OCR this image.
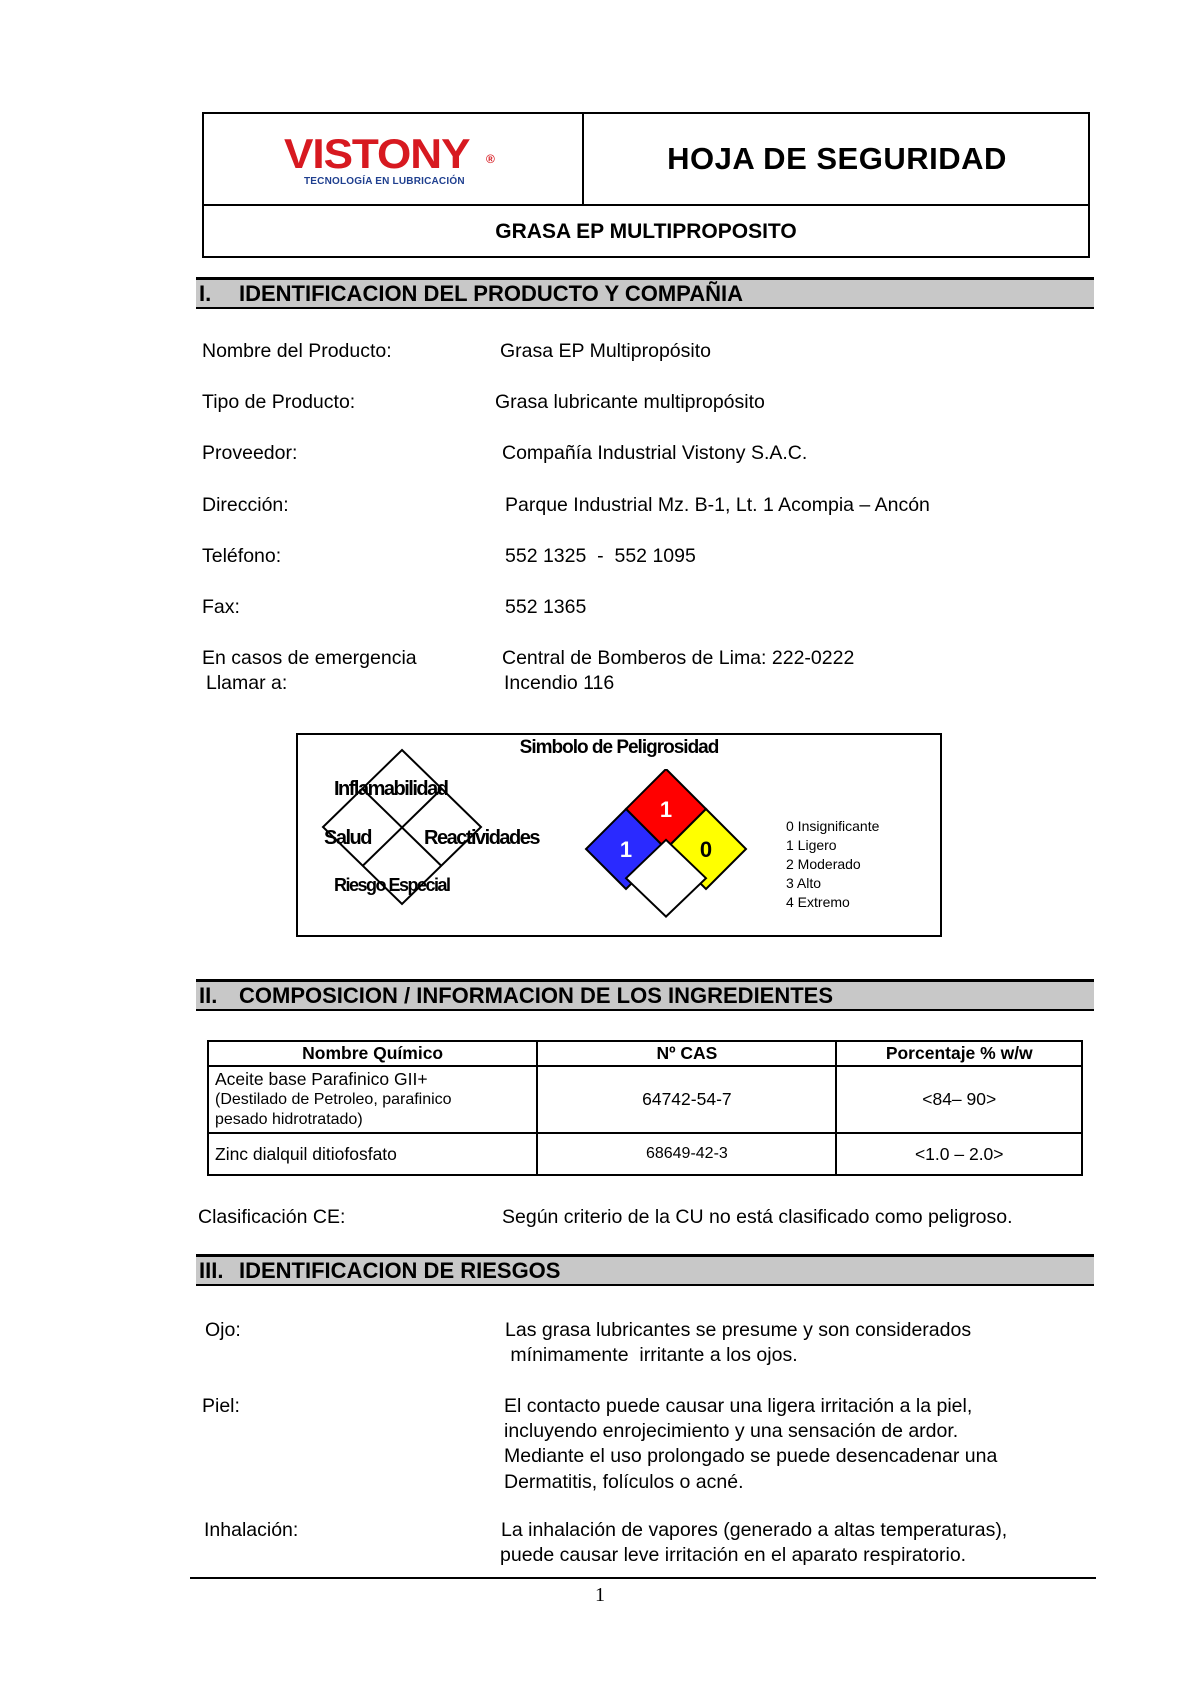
VISTONY ®
TECNOLOGÍA EN LUBRICACIÓN
HOJA DE SEGURIDAD
GRASA EP MULTIPROPOSITO
I. IDENTIFICACION DEL PRODUCTO Y COMPAÑIA
Nombre del Producto:	Grasa EP Multipropósito
Tipo de Producto:	Grasa lubricante multipropósito
Proveedor:	Compañía Industrial Vistony S.A.C.
Dirección:	Parque Industrial Mz. B-1, Lt. 1 Acompia – Ancón
Teléfono:	552 1325  -  552 1095
Fax:	552 1365
En casos de emergencia
Llamar a:
Central de Bomberos de Lima: 222-0222
Incendio 116
Simbolo de Peligrosidad
Inflamabilidad
Salud	Reactividades
Riesgo Especial
1
1	0
0 Insignificante
1 Ligero
2 Moderado
3 Alto
4 Extremo
II. COMPOSICION / INFORMACION DE LOS INGREDIENTES
Nombre Químico	Nº CAS	Porcentaje % w/w

Aceite base Parafinico GII+
(Destilado de Petroleo, parafinico
pesado hidrotratado)	64742-54-7	<84– 90>
Zinc dialquil ditiofosfato	68649-42-3	<1.0 – 2.0>
Clasificación CE:	Según criterio de la CU no está clasificado como peligroso.
III. IDENTIFICACION DE RIESGOS
Ojo:	Las grasa lubricantes se presume y son considerados
mínimamente  irritante a los ojos.
Piel:	El contacto puede causar una ligera irritación a la piel,
incluyendo enrojecimiento y una sensación de ardor.
Mediante el uso prolongado se puede desencadenar una
Dermatitis, folículos o acné.
Inhalación:	La inhalación de vapores (generado a altas temperaturas),
puede causar leve irritación en el aparato respiratorio.
1
